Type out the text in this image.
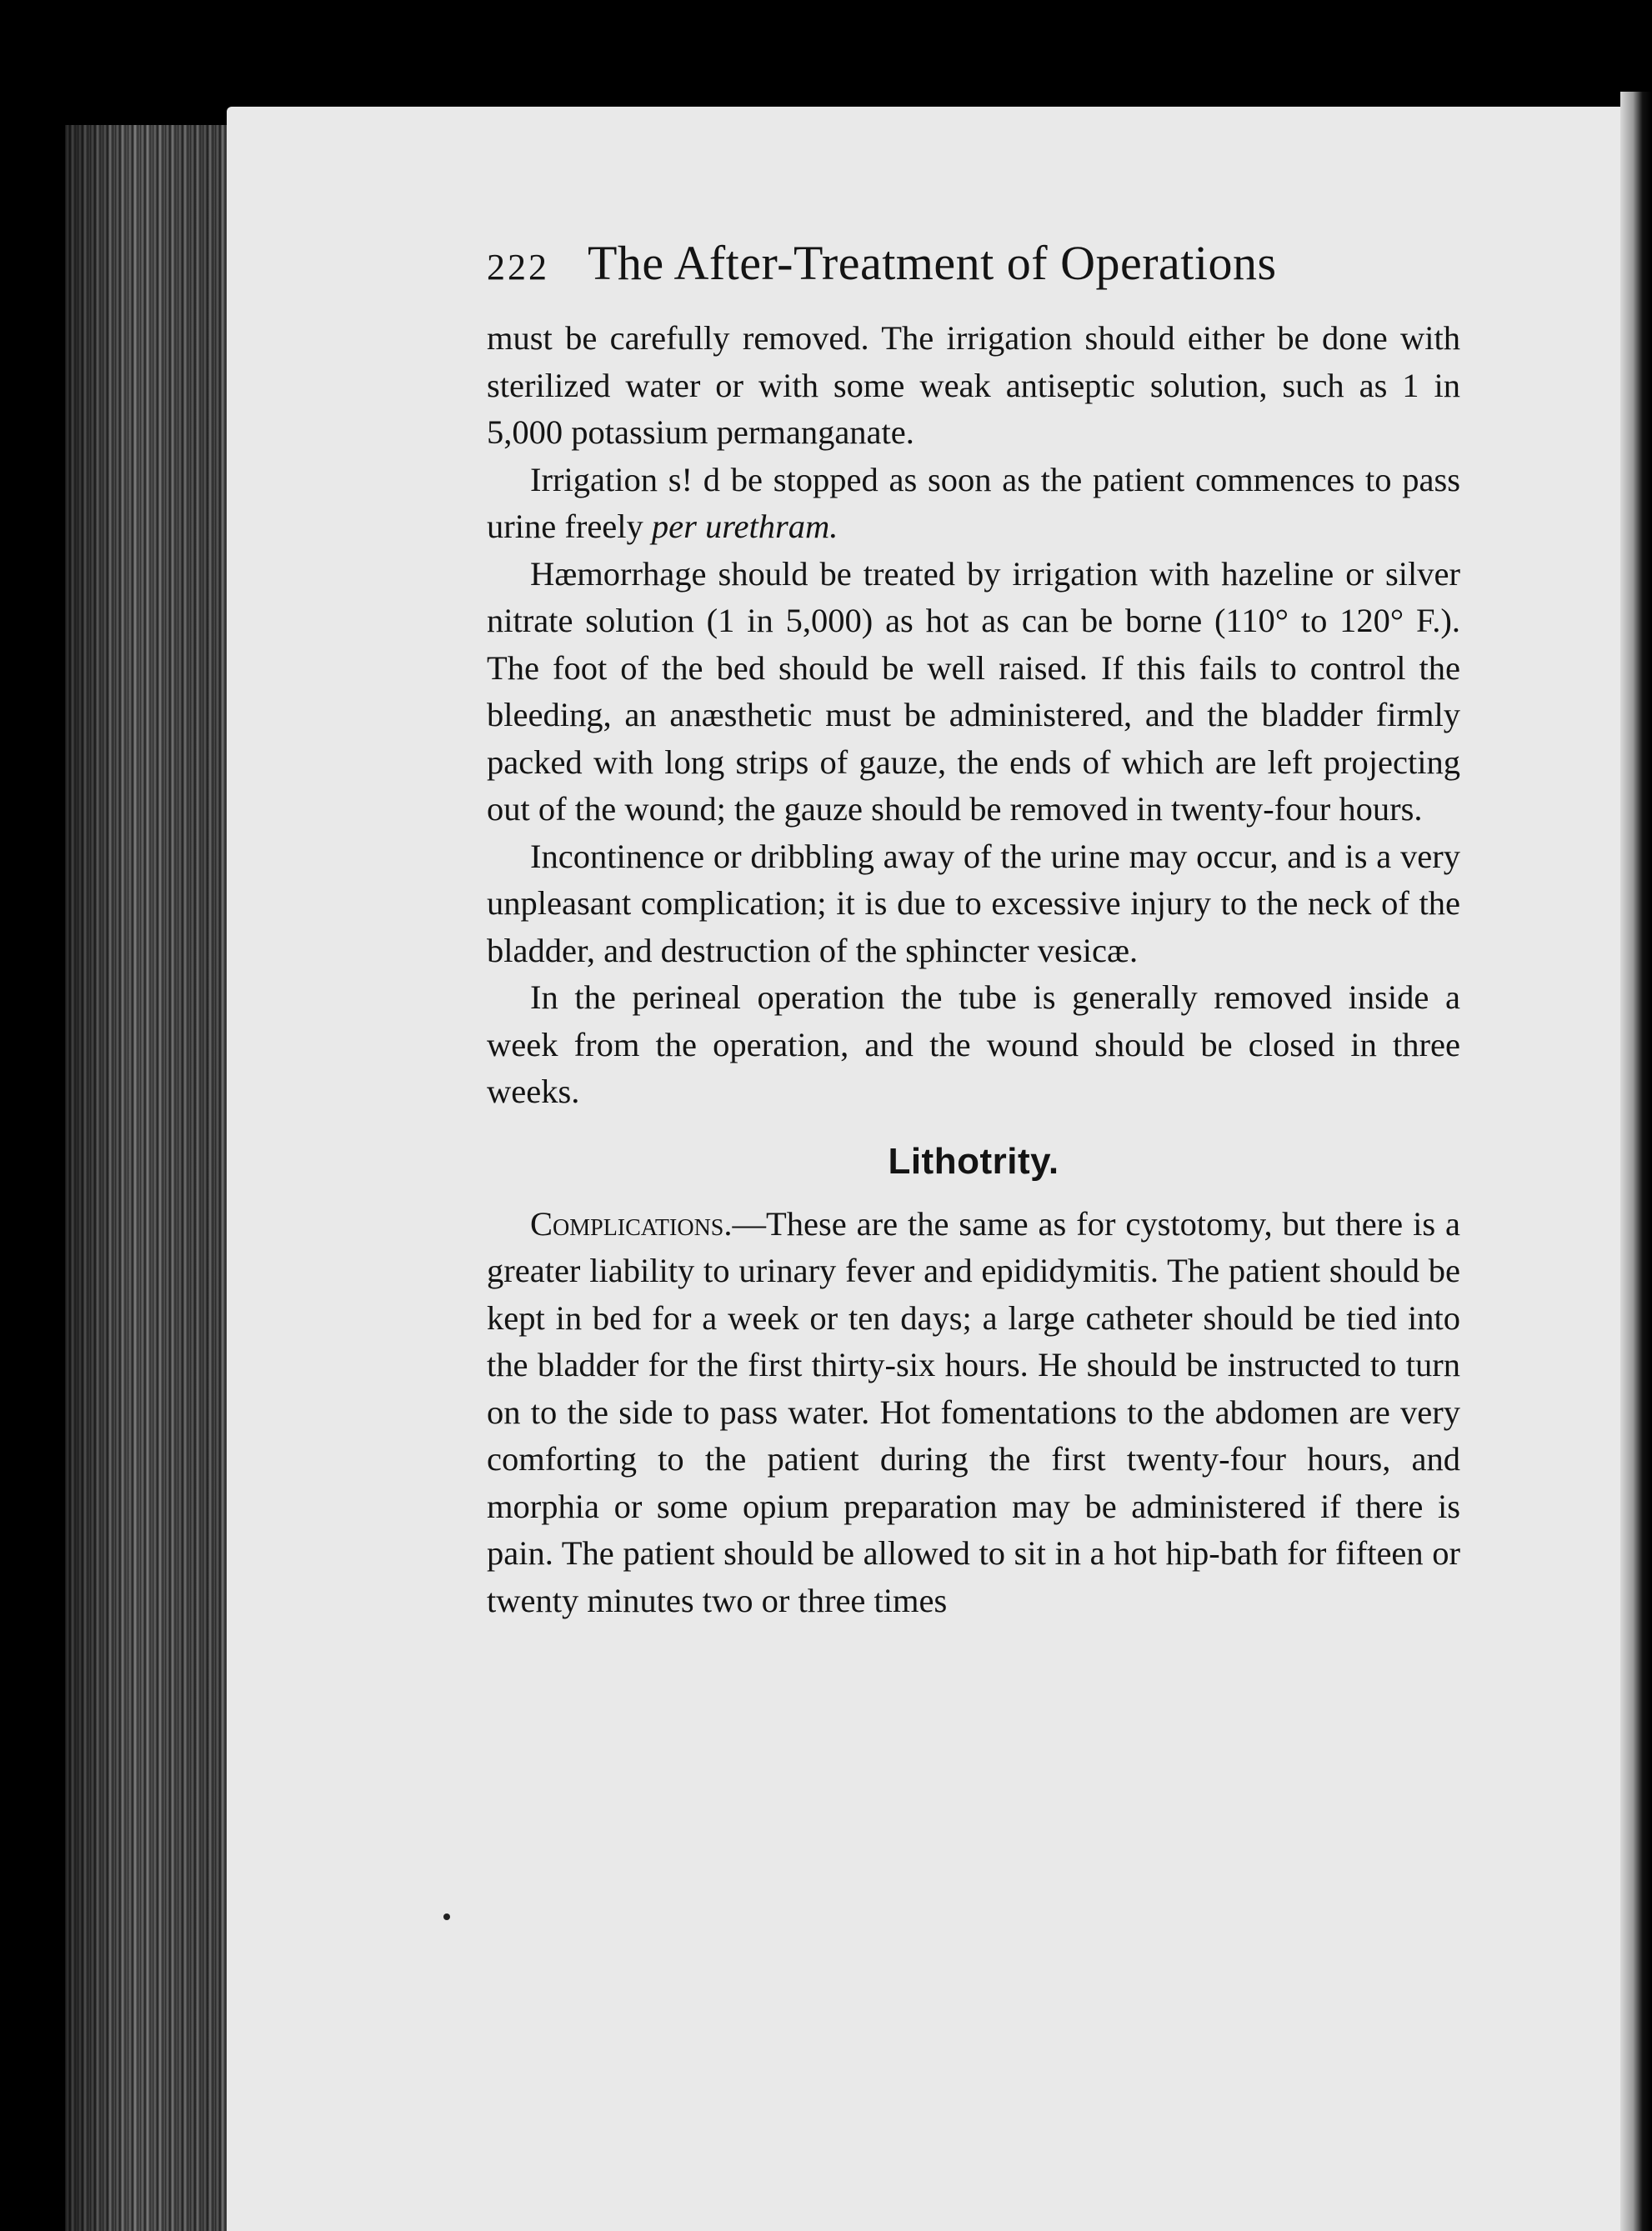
222 The After-Treatment of Operations

must be carefully removed. The irrigation should either be done with sterilized water or with some weak antiseptic solution, such as 1 in 5,000 potassium permanganate.

Irrigation s! d be stopped as soon as the patient commences to pass urine freely per urethram.

Hæmorrhage should be treated by irrigation with hazeline or silver nitrate solution (1 in 5,000) as hot as can be borne (110° to 120° F.). The foot of the bed should be well raised. If this fails to control the bleeding, an anæsthetic must be administered, and the bladder firmly packed with long strips of gauze, the ends of which are left projecting out of the wound; the gauze should be removed in twenty-four hours.

Incontinence or dribbling away of the urine may occur, and is a very unpleasant complication; it is due to excessive injury to the neck of the bladder, and destruction of the sphincter vesicæ.

In the perineal operation the tube is generally removed inside a week from the operation, and the wound should be closed in three weeks.

Lithotrity.

Complications.—These are the same as for cystotomy, but there is a greater liability to urinary fever and epididymitis. The patient should be kept in bed for a week or ten days; a large catheter should be tied into the bladder for the first thirty-six hours. He should be instructed to turn on to the side to pass water. Hot fomentations to the abdomen are very comforting to the patient during the first twenty-four hours, and morphia or some opium preparation may be administered if there is pain. The patient should be allowed to sit in a hot hip-bath for fifteen or twenty minutes two or three times
